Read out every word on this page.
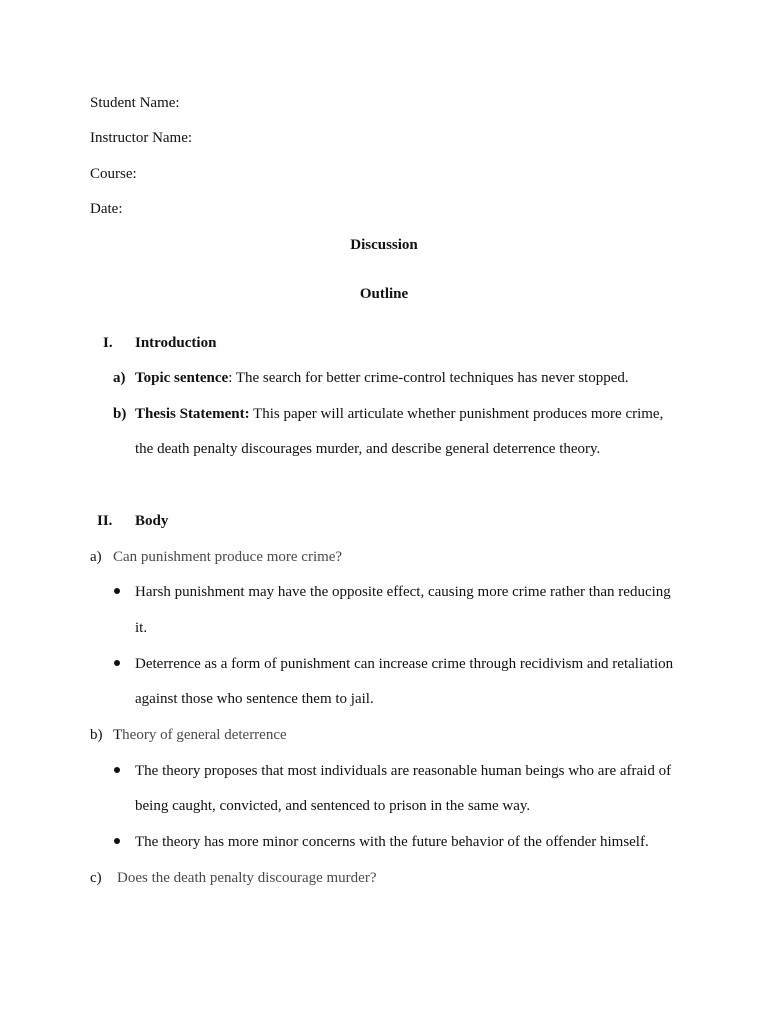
Student Name:
Instructor Name:
Course:
Date:
Discussion
Outline
I. Introduction
a) Topic sentence: The search for better crime-control techniques has never stopped.
b) Thesis Statement: This paper will articulate whether punishment produces more crime,
the death penalty discourages murder, and describe general deterrence theory.
II. Body
a) Can punishment produce more crime?
Harsh punishment may have the opposite effect, causing more crime rather than reducing
it.
Deterrence as a form of punishment can increase crime through recidivism and retaliation
against those who sentence them to jail.
b) Theory of general deterrence
The theory proposes that most individuals are reasonable human beings who are afraid of
being caught, convicted, and sentenced to prison in the same way.
The theory has more minor concerns with the future behavior of the offender himself.
c) Does the death penalty discourage murder?
